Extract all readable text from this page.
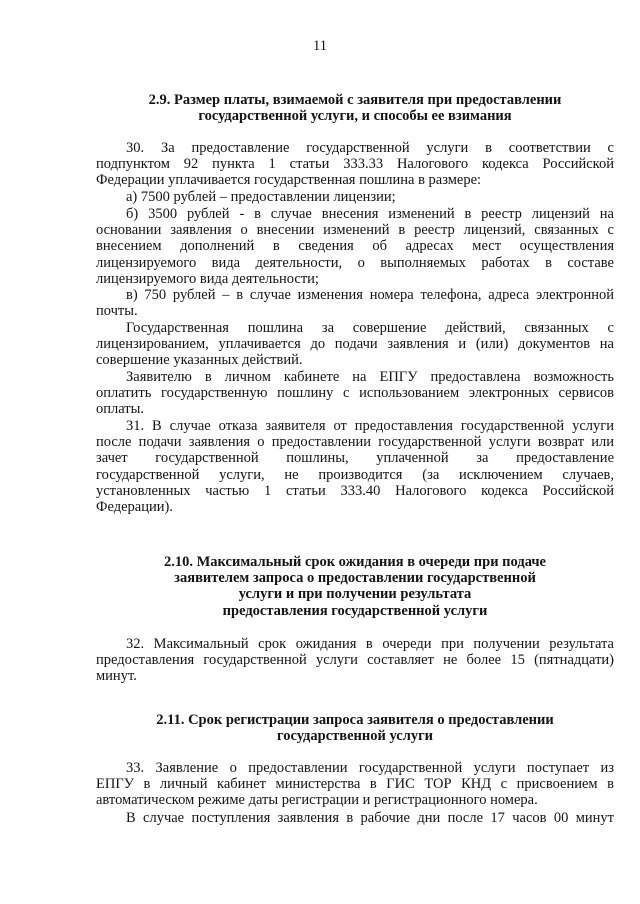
11
2.9. Размер платы, взимаемой с заявителя при предоставлении
государственной услуги, и способы ее взимания
30. За предоставление государственной услуги в соответствии с
подпунктом 92 пункта 1 статьи 333.33 Налогового кодекса Российской
Федерации уплачивается государственная пошлина в размере:
а) 7500 рублей – предоставлении лицензии;
б) 3500 рублей - в случае внесения изменений в реестр лицензий на
основании заявления о внесении изменений в реестр лицензий, связанных с
внесением дополнений в сведения об адресах мест осуществления
лицензируемого вида деятельности, о выполняемых работах в составе
лицензируемого вида деятельности;
в) 750 рублей – в случае изменения номера телефона, адреса электронной
почты.
Государственная пошлина за совершение действий, связанных с
лицензированием, уплачивается до подачи заявления и (или) документов на
совершение указанных действий.
Заявителю в личном кабинете на ЕПГУ предоставлена возможность
оплатить государственную пошлину с использованием электронных сервисов
оплаты.
31. В случае отказа заявителя от предоставления государственной услуги
после подачи заявления о предоставлении государственной услуги возврат или
зачет государственной пошлины, уплаченной за предоставление
государственной услуги, не производится (за исключением случаев,
установленных частью 1 статьи 333.40 Налогового кодекса Российской
Федерации).
2.10. Максимальный срок ожидания в очереди при подаче
заявителем запроса о предоставлении государственной
услуги и при получении результата
предоставления государственной услуги
32. Максимальный срок ожидания в очереди при получении результата
предоставления государственной услуги составляет не более 15 (пятнадцати)
минут.
2.11. Срок регистрации запроса заявителя о предоставлении
государственной услуги
33. Заявление о предоставлении государственной услуги поступает из
ЕПГУ в личный кабинет министерства в ГИС ТОР КНД с присвоением в
автоматическом режиме даты регистрации и регистрационного номера.
В случае поступления заявления в рабочие дни после 17 часов 00 минут
